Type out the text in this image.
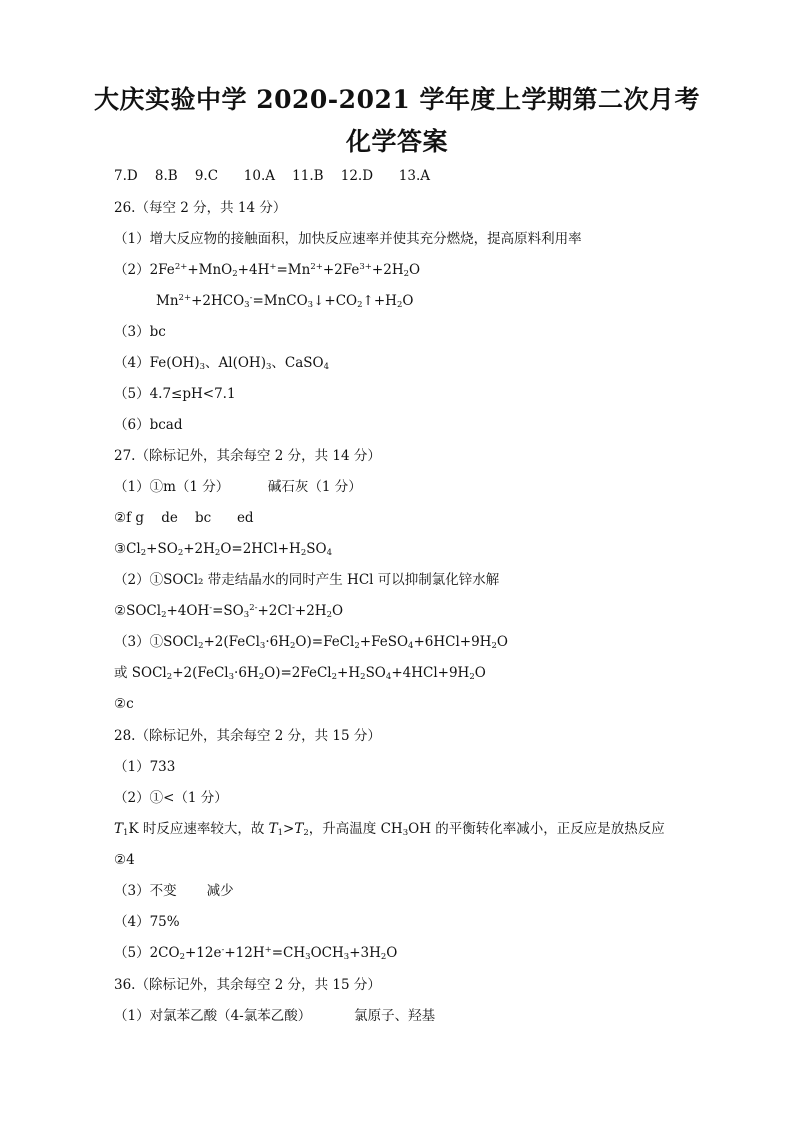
大庆实验中学 2020-2021 学年度上学期第二次月考
化学答案
7.D    8.B    9.C      10.A    11.B    12.D      13.A
26.（每空 2 分，共 14 分）
（1）增大反应物的接触面积，加快反应速率并使其充分燃烧，提高原料利用率
$(2)2Fe^{2+}+MnO_2+4H^+=Mn^{2+}+2Fe^{3+}+2H_2O$
$Mn^{2+}+2HCO_3^-=MnCO_3↓+CO_2↑+H_2O$
（3）bc
$(4)Fe(OH)_3$、$Al(OH)_3$、CaSO$_4$
（5）4.7≤pH<7.1
（6）bcad
27.（除标记外，其余每空 2 分，共 14 分）
（1）①m（1 分）         碱石灰（1 分）
②f g    de    bc      ed
$③Cl_2+SO_2+2H_2O=2HCl+H_2SO_4$
（2）①SOCl₂ 带走结晶水的同时产生 HCl 可以抑制氯化锌水解
$②SOCl_2+4OH^-=SO_3^{2-}+2Cl^-+2H_2O$
$(3)①SOCl_2+2(FeCl_3\cdot 6H_2O)=FeCl_2+FeSO_4+6HCl+9H_2O$
或 $SOCl_2+2(FeCl_3\cdot 6H_2O)=2FeCl_2+H_2SO_4+4HCl+9H_2O$
②c
28.（除标记外，其余每空 2 分，共 15 分）
（1）733
（2）①<（1 分）
$T_1K$ 时反应速率较大，故 $T_1>T_2$，升高温度 $CH_3OH$ 的平衡转化率减小，正反应是放热反应
②4
（3）不变       减少
（4）75%
$(5)2CO_2+12e^-+12H^+=CH_3OCH_3+3H_2O$
36.（除标记外，其余每空 2 分，共 15 分）
（1）对氯苯乙酸（4-氯苯乙酸）          氯原子、羟基
